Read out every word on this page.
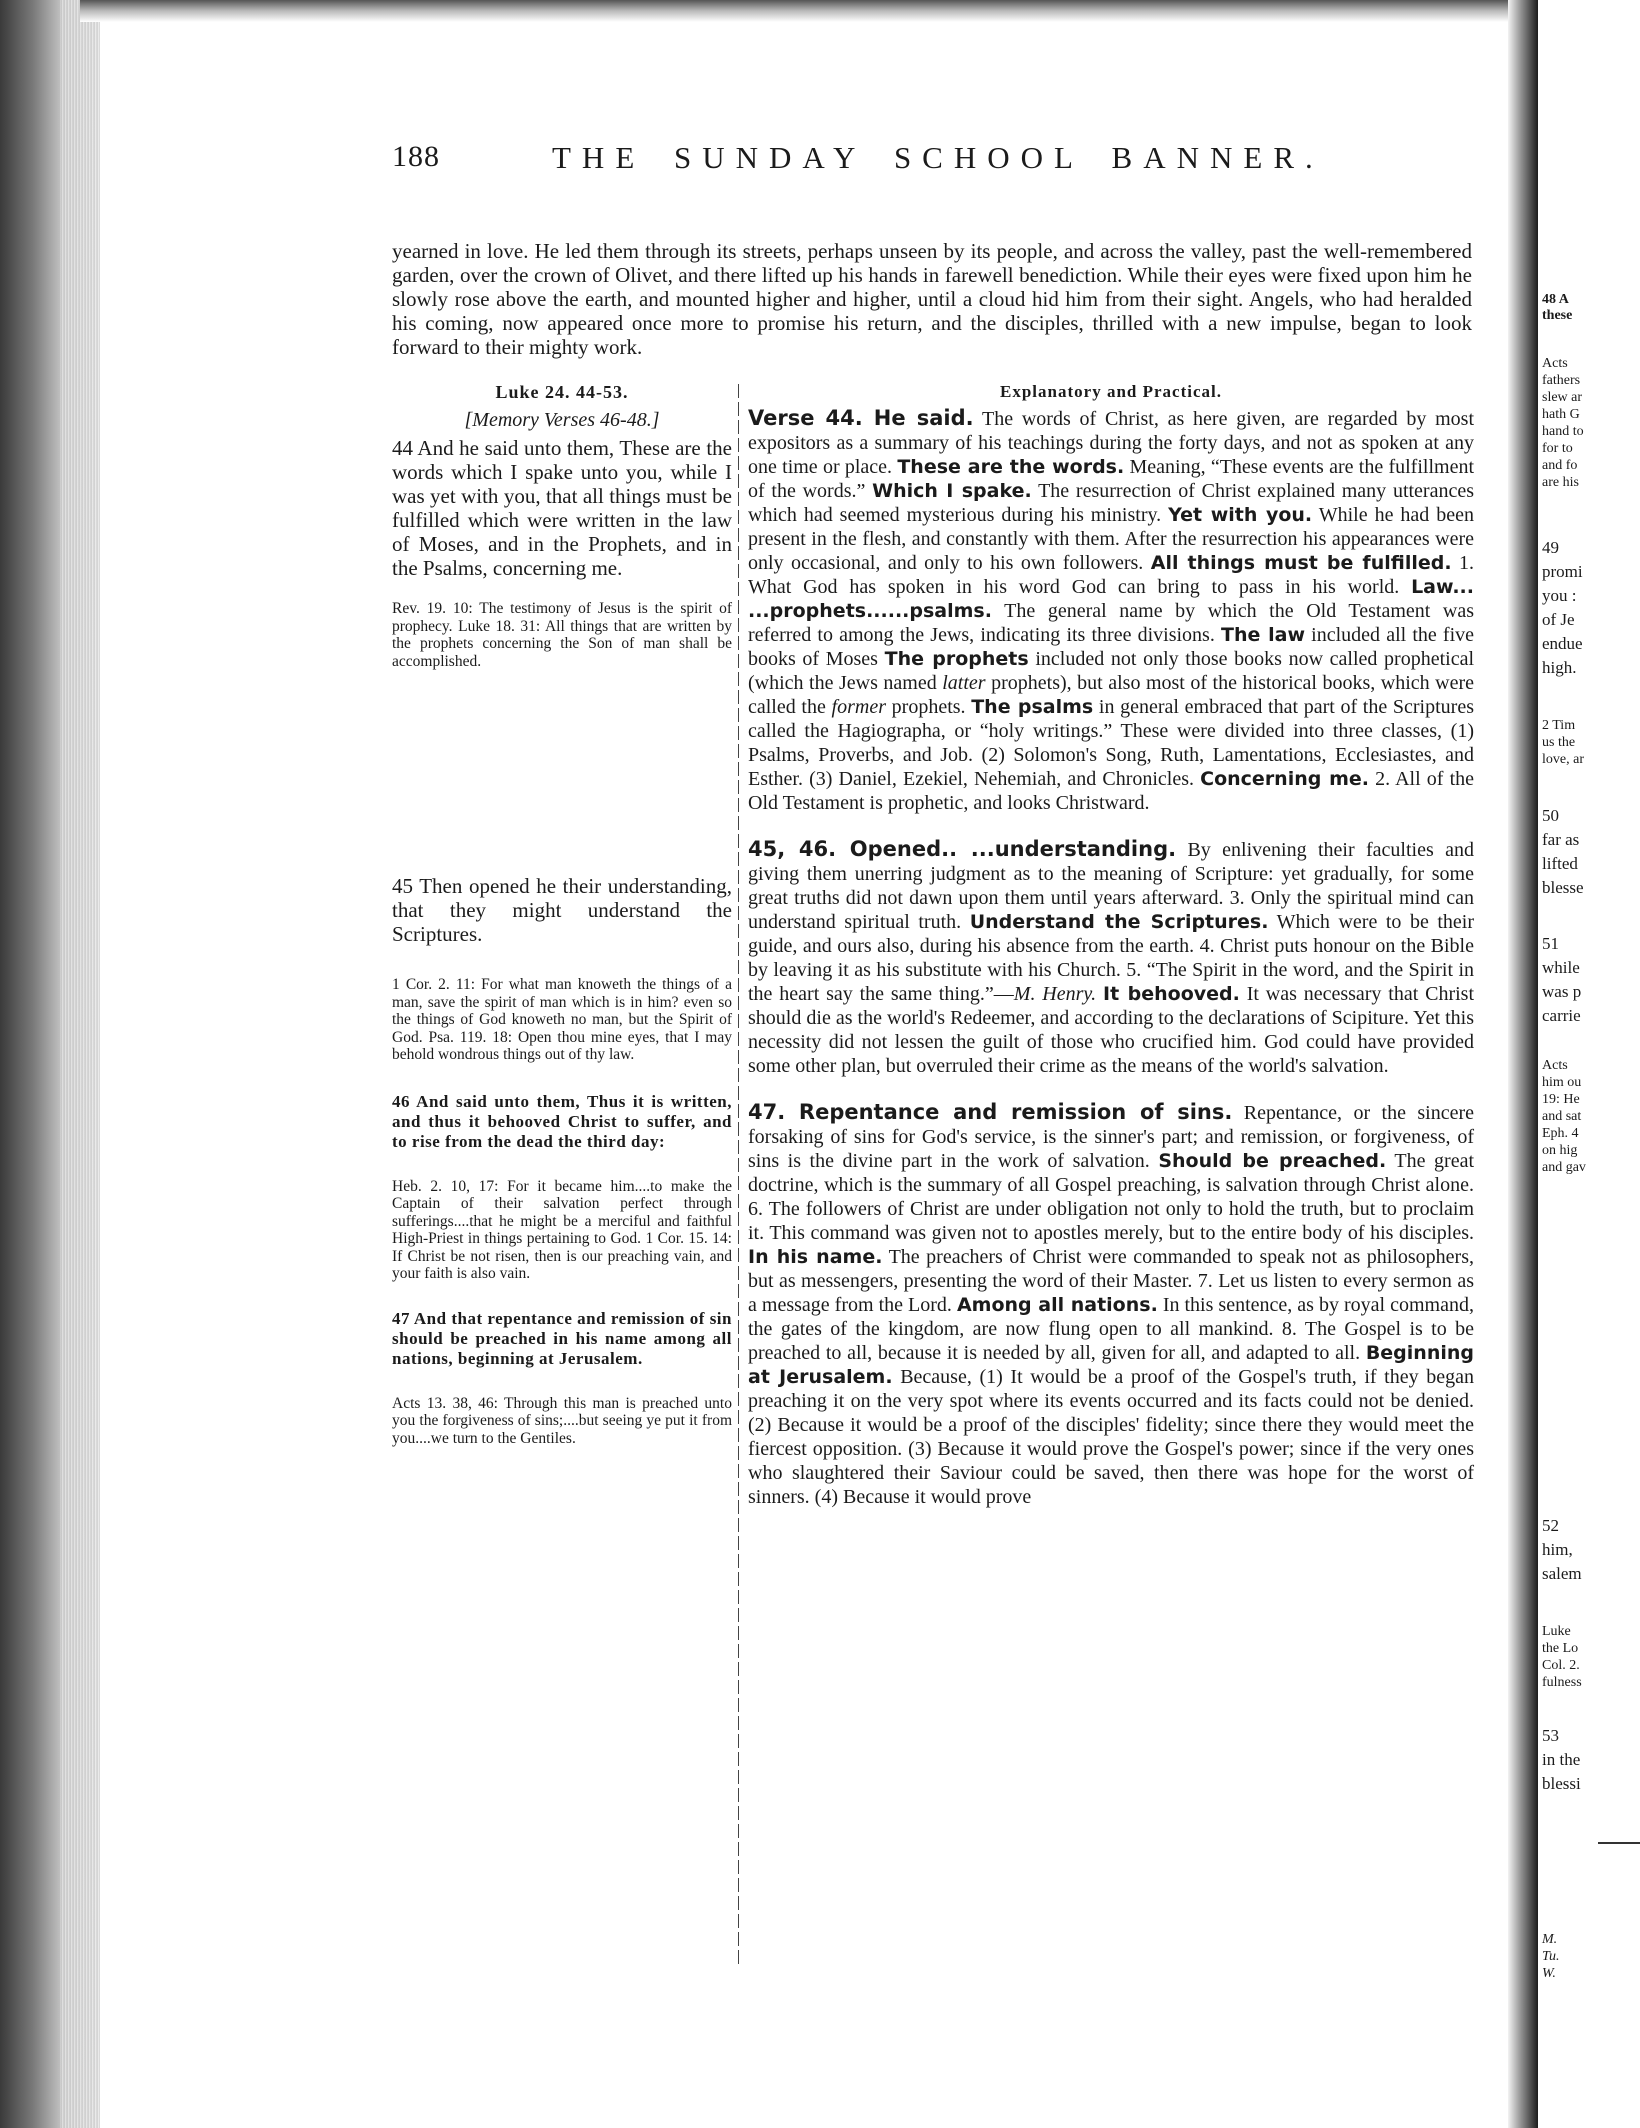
188	THE SUNDAY SCHOOL BANNER.

yearned in love. He led them through its streets, perhaps unseen by its people, and across the valley, past the well-remembered garden, over the crown of Olivet, and there lifted up his hands in farewell benediction. While their eyes were fixed upon him he slowly rose above the earth, and mounted higher and higher, until a cloud hid him from their sight. Angels, who had heralded his coming, now appeared once more to promise his return, and the disciples, thrilled with a new impulse, began to look forward to their mighty work.

Luke 24. 44-53.
[Memory Verses 46-48.]

44 And he said unto them, These are the words which I spake unto you, while I was yet with you, that all things must be fulfilled which were written in the law of Moses, and in the Prophets, and in the Psalms, concerning me.

Rev. 19. 10: The testimony of Jesus is the spirit of prophecy. Luke 18. 31: All things that are written by the prophets concerning the Son of man shall be accomplished.

45 Then opened he their understanding, that they might understand the Scriptures.

1 Cor. 2. 11: For what man knoweth the things of a man, save the spirit of man which is in him? even so the things of God knoweth no man, but the Spirit of God. Psa. 119. 18: Open thou mine eyes, that I may behold wondrous things out of thy law.

46 And said unto them, Thus it is written, and thus it behooved Christ to suffer, and to rise from the dead the third day:

Heb. 2. 10, 17: For it became him....to make the Captain of their salvation perfect through sufferings....that he might be a merciful and faithful High-Priest in things pertaining to God. 1 Cor. 15. 14: If Christ be not risen, then is our preaching vain, and your faith is also vain.

47 And that repentance and remission of sin should be preached in his name among all nations, beginning at Jerusalem.

Acts 13. 38, 46: Through this man is preached unto you the forgiveness of sins;....but seeing ye put it from you....we turn to the Gentiles.

Explanatory and Practical.

Verse 44. He said. The words of Christ, as here given, are regarded by most expositors as a summary of his teachings during the forty days, and not as spoken at any one time or place. These are the words. Meaning, “These events are the fulfillment of the words.” Which I spake. The resurrection of Christ explained many utterances which had seemed mysterious during his ministry. Yet with you. While he had been present in the flesh, and constantly with them. After the resurrection his appearances were only occasional, and only to his own followers. All things must be fulfilled. 1. What God has spoken in his word God can bring to pass in his world. Law... ...prophets......psalms. The general name by which the Old Testament was referred to among the Jews, indicating its three divisions. The law included all the five books of Moses The prophets included not only those books now called prophetical (which the Jews named latter prophets), but also most of the historical books, which were called the former prophets. The psalms in general embraced that part of the Scriptures called the Hagiographa, or “holy writings.” These were divided into three classes, (1) Psalms, Proverbs, and Job. (2) Solomon's Song, Ruth, Lamentations, Ecclesiastes, and Esther. (3) Daniel, Ezekiel, Nehemiah, and Chronicles. Concerning me. 2. All of the Old Testament is prophetic, and looks Christward.

45, 46. Opened.. ...understanding. By enlivening their faculties and giving them unerring judgment as to the meaning of Scripture: yet gradually, for some great truths did not dawn upon them until years afterward. 3. Only the spiritual mind can understand spiritual truth. Understand the Scriptures. Which were to be their guide, and ours also, during his absence from the earth. 4. Christ puts honour on the Bible by leaving it as his substitute with his Church. 5. “The Spirit in the word, and the Spirit in the heart say the same thing.”—M. Henry. It behooved. It was necessary that Christ should die as the world's Redeemer, and according to the declarations of Scipiture. Yet this necessity did not lessen the guilt of those who crucified him. God could have provided some other plan, but overruled their crime as the means of the world's salvation.

47. Repentance and remission of sins. Repentance, or the sincere forsaking of sins for God's service, is the sinner's part; and remission, or forgiveness, of sins is the divine part in the work of salvation. Should be preached. The great doctrine, which is the summary of all Gospel preaching, is salvation through Christ alone. 6. The followers of Christ are under obligation not only to hold the truth, but to proclaim it. This command was given not to apostles merely, but to the entire body of his disciples. In his name. The preachers of Christ were commanded to speak not as philosophers, but as messengers, presenting the word of their Master. 7. Let us listen to every sermon as a message from the Lord. Among all nations. In this sentence, as by royal command, the gates of the kingdom, are now flung open to all mankind. 8. The Gospel is to be preached to all, because it is needed by all, given for all, and adapted to all. Beginning at Jerusalem. Because, (1) It would be a proof of the Gospel's truth, if they began preaching it on the very spot where its events occurred and its facts could not be denied. (2) Because it would be a proof of the disciples' fidelity; since there they would meet the fiercest opposition. (3) Because it would prove the Gospel's power; since if the very ones who slaughtered their Saviour could be saved, then there was hope for the worst of sinners. (4) Because it would prove

48 A
these
Acts
fathers
slew ar
hath G
hand to
for to
and fo
are his
49
promi
you :
of Je
endue
high.
2 Tim
us the
love, ar
50
far as
lifted
blesse
51
while
was p
carrie
Acts
him ou
19: He
and sat
Eph. 4
on hig
and gav
52
him,
salem
Luke
the Lo
Col. 2.
fulness
53
in the
blessi
M.
Tu.
W.
